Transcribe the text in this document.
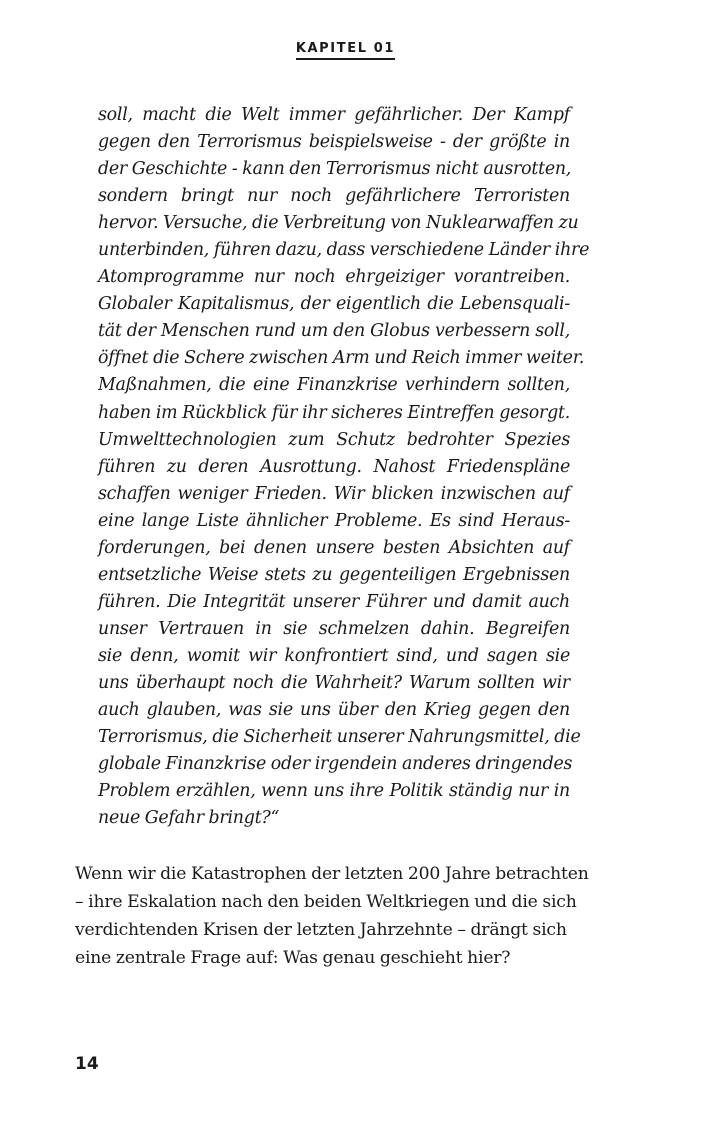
KAPITEL 01
soll, macht die Welt immer gefährlicher. Der Kampf
gegen den Terrorismus beispielsweise - der größte in
der Geschichte - kann den Terrorismus nicht ausrotten,
sondern bringt nur noch gefährlichere Terroristen
hervor. Versuche, die Verbreitung von Nuklearwaffen zu
unterbinden, führen dazu, dass verschiedene Länder ihre
Atomprogramme nur noch ehrgeiziger vorantreiben.
Globaler Kapitalismus, der eigentlich die Lebensquali-
tät der Menschen rund um den Globus verbessern soll,
öffnet die Schere zwischen Arm und Reich immer weiter.
Maßnahmen, die eine Finanzkrise verhindern sollten,
haben im Rückblick für ihr sicheres Eintreffen gesorgt.
Umwelttechnologien zum Schutz bedrohter Spezies
führen zu deren Ausrottung. Nahost Friedenspläne
schaffen weniger Frieden. Wir blicken inzwischen auf
eine lange Liste ähnlicher Probleme. Es sind Heraus-
forderungen, bei denen unsere besten Absichten auf
entsetzliche Weise stets zu gegenteiligen Ergebnissen
führen. Die Integrität unserer Führer und damit auch
unser Vertrauen in sie schmelzen dahin. Begreifen
sie denn, womit wir konfrontiert sind, und sagen sie
uns überhaupt noch die Wahrheit? Warum sollten wir
auch glauben, was sie uns über den Krieg gegen den
Terrorismus, die Sicherheit unserer Nahrungsmittel, die
globale Finanzkrise oder irgendein anderes dringendes
Problem erzählen, wenn uns ihre Politik ständig nur in
neue Gefahr bringt?“

Wenn wir die Katastrophen der letzten 200 Jahre betrachten – ihre Eskalation nach den beiden Weltkriegen und die sich verdichtenden Krisen der letzten Jahrzehnte – drängt sich eine zentrale Frage auf: Was genau geschieht hier?

14
